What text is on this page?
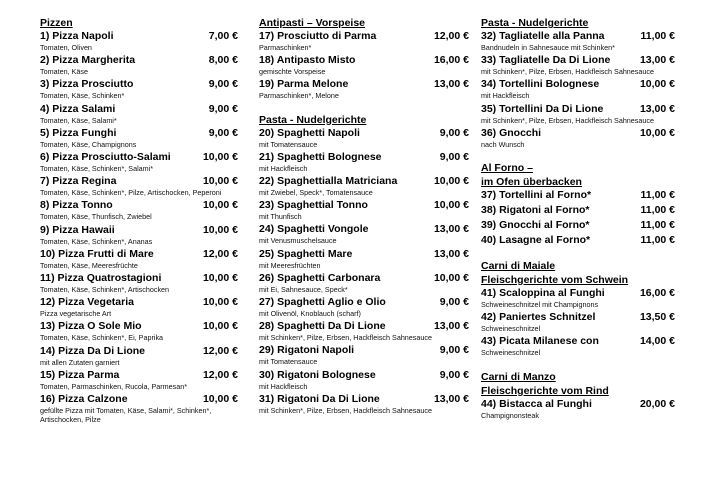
Pizzen
1) Pizza Napoli	7,00 €
Tomaten, Oliven
2) Pizza Margherita	8,00 €
Tomaten, Käse
3) Pizza Prosciutto	9,00 €
Tomaten, Käse, Schinken*
4) Pizza Salami	9,00 €
Tomaten, Käse, Salami*
5) Pizza Funghi	9,00 €
Tomaten, Käse, Champignons
6) Pizza Prosciutto-Salami	10,00 €
Tomaten, Käse, Schinken*, Salami*
7) Pizza Regina	10,00 €
Tomaten, Käse, Schinken*, Pilze, Artischocken, Peperoni
8) Pizza Tonno	10,00 €
Tomaten, Käse, Thunfisch, Zwiebel
9) Pizza Hawaii	10,00 €
Tomaten, Käse, Schinken*, Ananas
10) Pizza Frutti di Mare	12,00 €
Tomaten, Käse, Meeresfrüchte
11) Pizza Quatrostagioni	10,00 €
Tomaten, Käse, Schinken*, Artischocken
12) Pizza Vegetaria	10,00 €
Pizza vegetarische Art
13) Pizza O Sole Mio	10,00 €
Tomaten, Käse, Schinken*, Ei, Paprika
14) Pizza Da Di Lione	12,00 €
mit allen Zutaten garniert
15) Pizza Parma	12,00 €
Tomaten, Parmaschinken, Rucola, Parmesan*
16) Pizza Calzone	10,00 €
gefüllte Pizza mit Tomaten, Käse, Salami*, Schinken*, Artischocken, Pilze
Antipasti – Vorspeise
17) Prosciutto di Parma	12,00 €
Parmaschinken*
18) Antipasto Misto	16,00 €
gemischte Vorspeise
19) Parma Melone	13,00 €
Parmaschinken*, Melone
Pasta - Nudelgerichte
20) Spaghetti Napoli	9,00 €
mit Tomatensauce
21) Spaghetti Bolognese	9,00 €
mit Hackfleisch
22) Spaghettialla Matriciana	10,00 €
mit Zwiebel, Speck*, Tomatensauce
23) Spaghettial Tonno	10,00 €
mit Thunfisch
24) Spaghetti Vongole	13,00 €
mit Venusmuschelsauce
25) Spaghetti Mare	13,00 €
mit Meeresfrüchten
26) Spaghetti Carbonara	10,00 €
mit Ei, Sahnesauce, Speck*
27) Spaghetti Aglio e Olio	9,00 €
mit Olivenöl, Knoblauch (scharf)
28) Spaghetti Da Di Lione	13,00 €
mit Schinken*, Pilze, Erbsen, Hackfleisch Sahnesauce
29) Rigatoni Napoli	9,00 €
mit Tomatensauce
30) Rigatoni Bolognese	9,00 €
mit Hackfleisch
31) Rigatoni Da Di Lione	13,00 €
mit Schinken*, Pilze, Erbsen, Hackfleisch Sahnesauce
Pasta - Nudelgerichte
32) Tagliatelle alla Panna	11,00 €
Bandnudeln in Sahnesauce mit Schinken*
33) Tagliatelle Da Di Lione	13,00 €
mit Schinken*, Pilze, Erbsen, Hackfleisch Sahnesauce
34) Tortellini Bolognese	10,00 €
mit Hackfleisch
35) Tortellini Da Di Lione	13,00 €
mit Schinken*, Pilze, Erbsen, Hackfleisch Sahnesauce
36) Gnocchi	10,00 €
nach Wunsch
Al Forno –
im Ofen überbacken
37) Tortellini al Forno*	11,00 €
38) Rigatoni al Forno*	11,00 €
39) Gnocchi al Forno*	11,00 €
40) Lasagne al Forno*	11,00 €
Carni di Maiale
Fleischgerichte vom Schwein
41) Scaloppina al Funghi	16,00 €
Schweineschnitzel mit Champignons
42) Paniertes Schnitzel	13,50 €
Schweineschnitzel
43) Picata Milanese con	14,00 €
Schweineschnitzel
Carni di Manzo
Fleischgerichte vom Rind
44) Bistacca al Funghi	20,00 €
Champignonsteak
